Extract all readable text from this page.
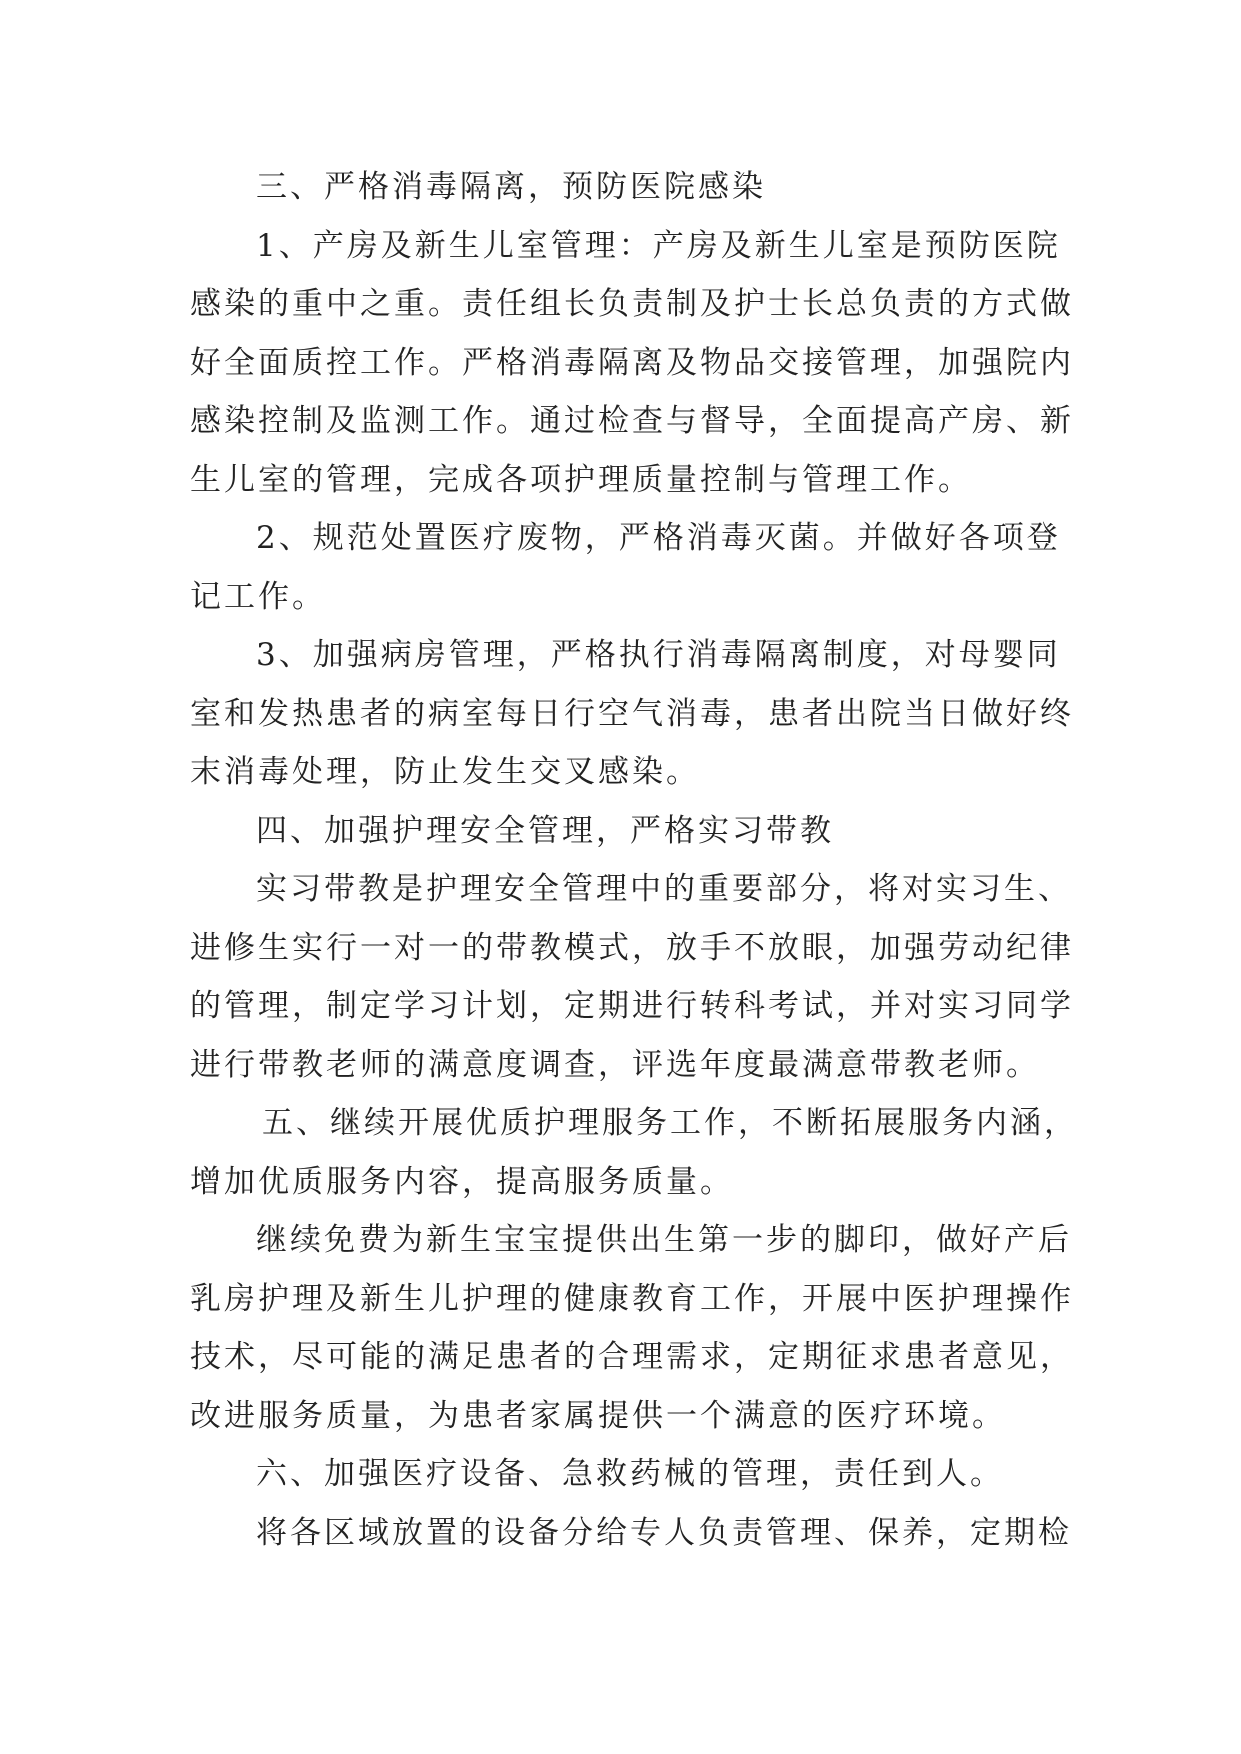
三、严格消毒隔离，预防医院感染
1、产房及新生儿室管理：产房及新生儿室是预防医院
感染的重中之重。责任组长负责制及护士长总负责的方式做
好全面质控工作。严格消毒隔离及物品交接管理，加强院内
感染控制及监测工作。通过检查与督导，全面提高产房、新
生儿室的管理，完成各项护理质量控制与管理工作。
2、规范处置医疗废物，严格消毒灭菌。并做好各项登
记工作。
3、加强病房管理，严格执行消毒隔离制度，对母婴同
室和发热患者的病室每日行空气消毒，患者出院当日做好终
末消毒处理，防止发生交叉感染。
四、加强护理安全管理，严格实习带教
实习带教是护理安全管理中的重要部分，将对实习生、
进修生实行一对一的带教模式，放手不放眼，加强劳动纪律
的管理，制定学习计划，定期进行转科考试，并对实习同学
进行带教老师的满意度调查，评选年度最满意带教老师。
五、继续开展优质护理服务工作，不断拓展服务内涵，
增加优质服务内容，提高服务质量。
继续免费为新生宝宝提供出生第一步的脚印，做好产后
乳房护理及新生儿护理的健康教育工作，开展中医护理操作
技术，尽可能的满足患者的合理需求，定期征求患者意见，
改进服务质量，为患者家属提供一个满意的医疗环境。
六、加强医疗设备、急救药械的管理，责任到人。
将各区域放置的设备分给专人负责管理、保养，定期检
